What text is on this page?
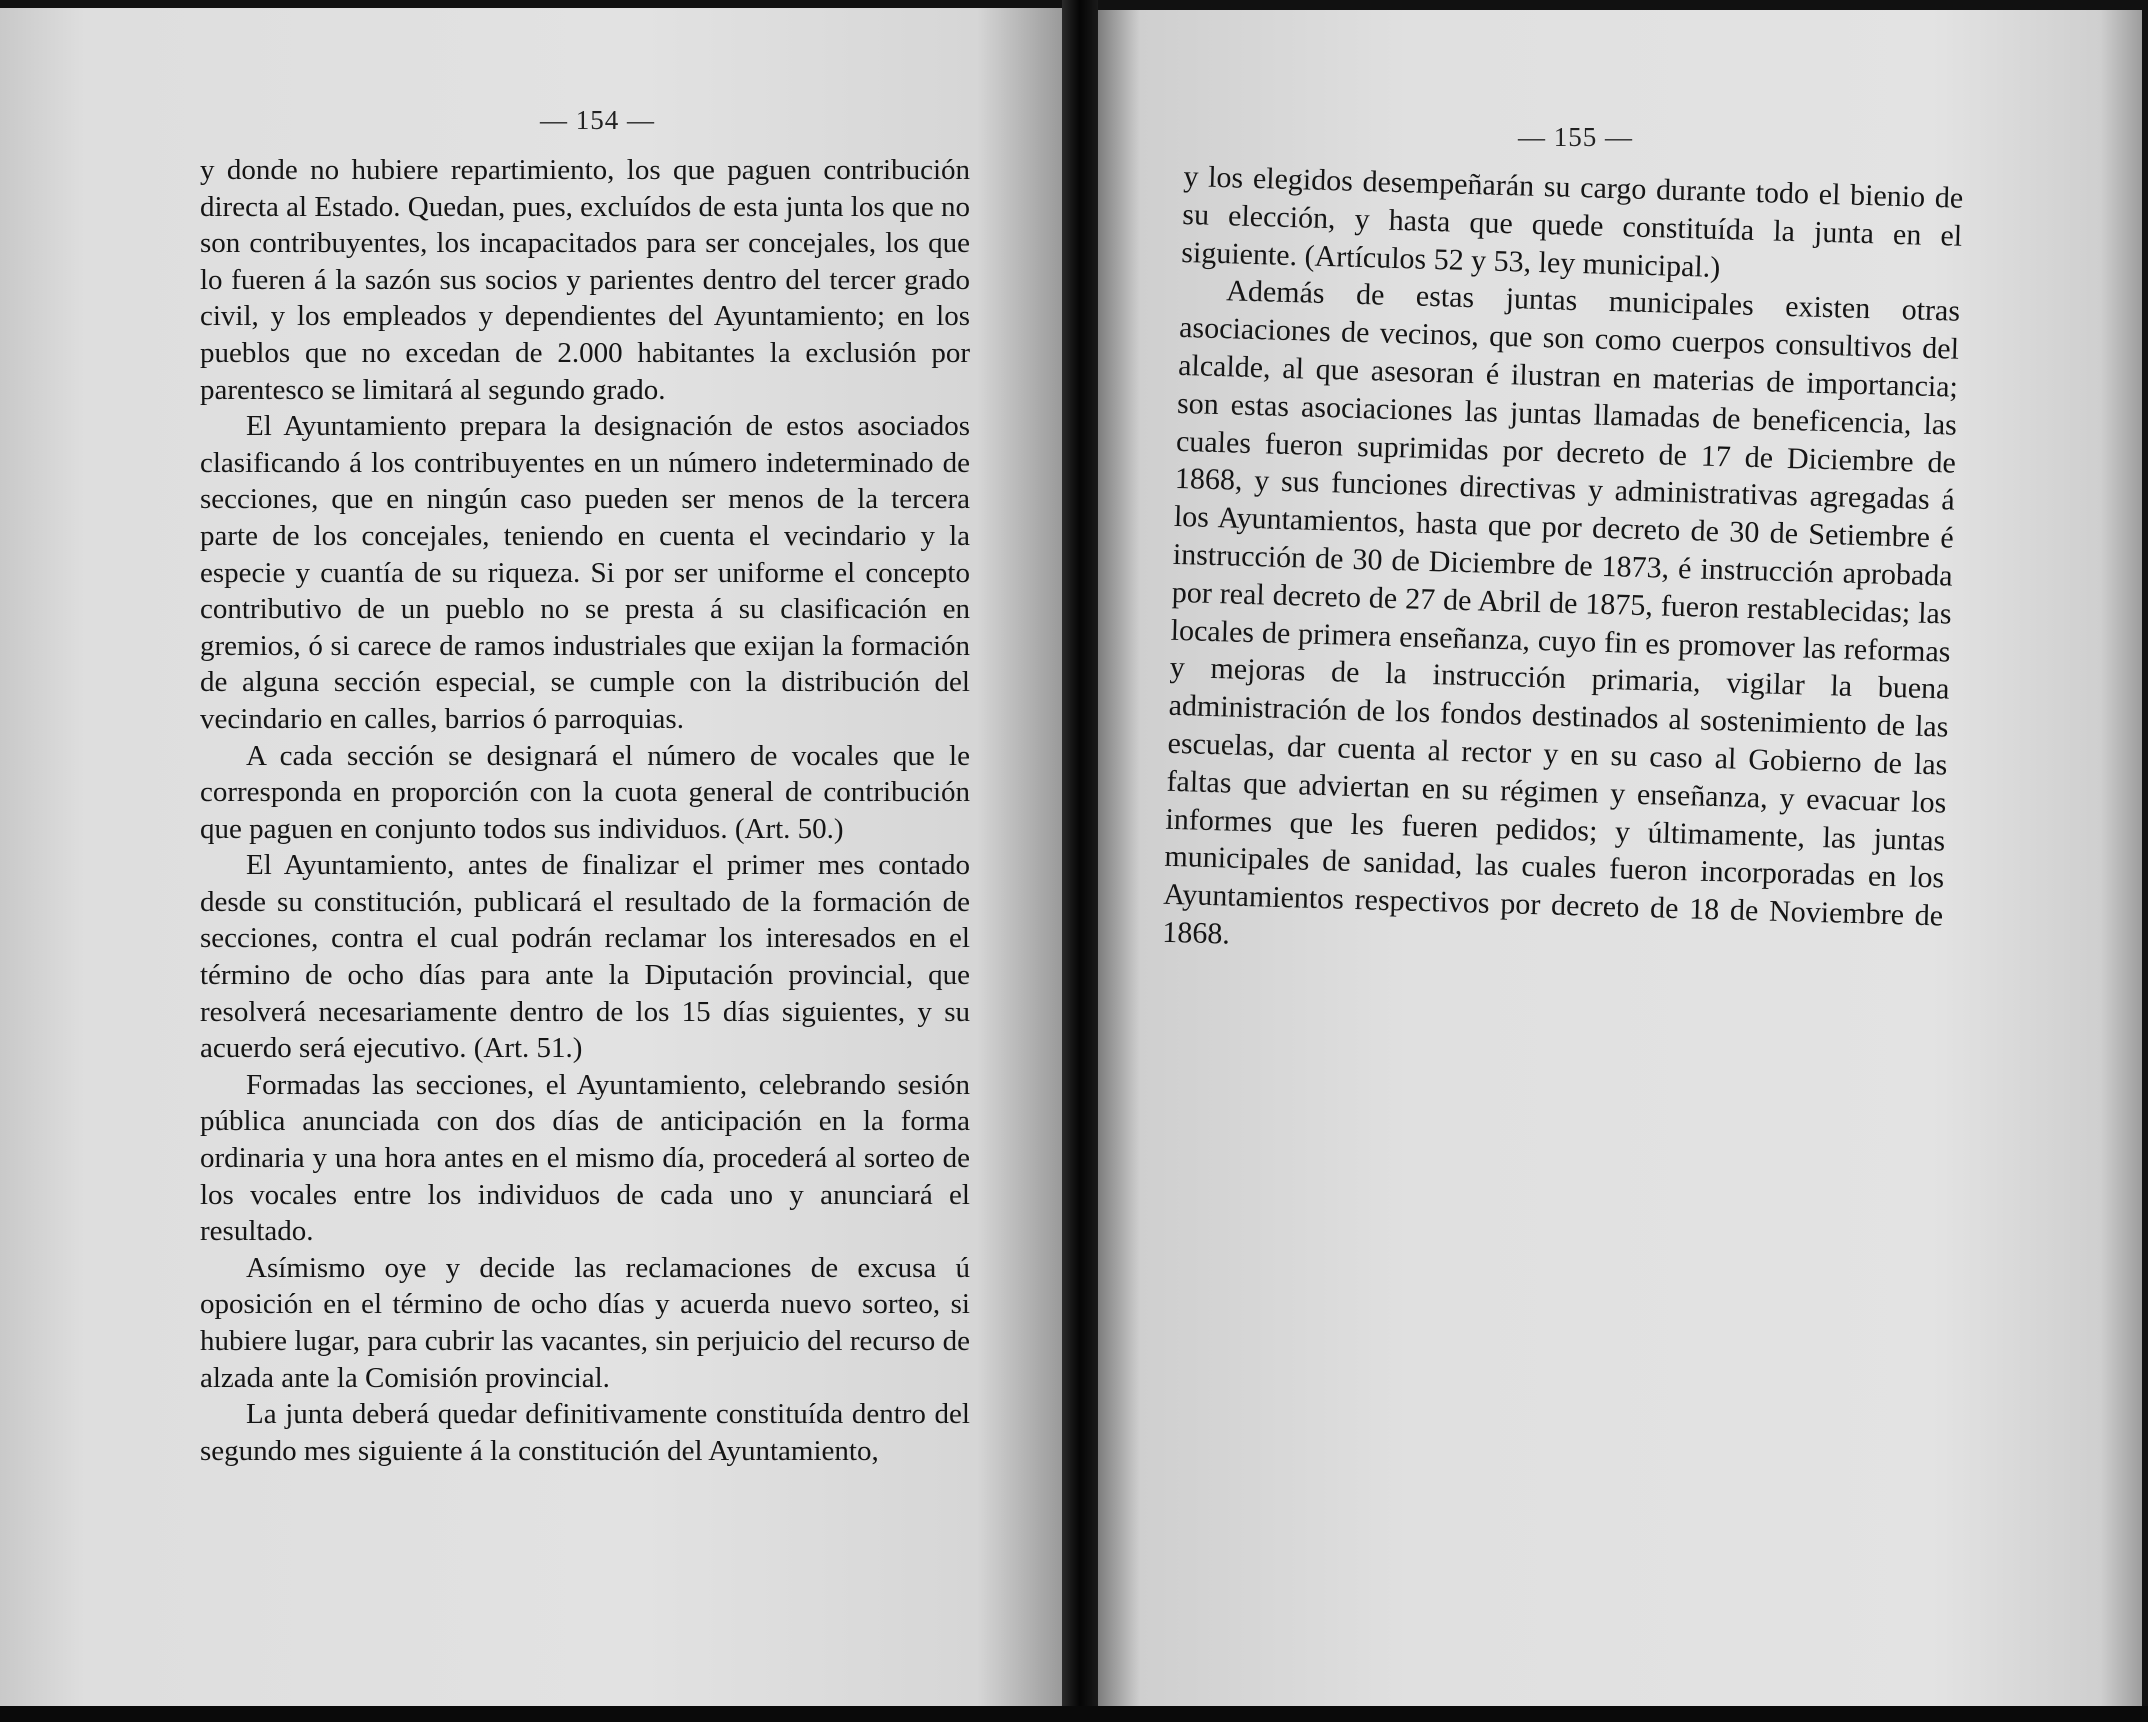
— 154 —

y donde no hubiere repartimiento, los que paguen contribución directa al Estado. Quedan, pues, excluídos de esta junta los que no son contribuyentes, los incapacitados para ser concejales, los que lo fueren á la sazón sus socios y parientes dentro del tercer grado civil, y los empleados y dependientes del Ayuntamiento; en los pueblos que no excedan de 2.000 habitantes la exclusión por parentesco se limitará al segundo grado.

El Ayuntamiento prepara la designación de estos asociados clasificando á los contribuyentes en un número indeterminado de secciones, que en ningún caso pueden ser menos de la tercera parte de los concejales, teniendo en cuenta el vecindario y la especie y cuantía de su riqueza. Si por ser uniforme el concepto contributivo de un pueblo no se presta á su clasificación en gremios, ó si carece de ramos industriales que exijan la formación de alguna sección especial, se cumple con la distribución del vecindario en calles, barrios ó parroquias.

A cada sección se designará el número de vocales que le corresponda en proporción con la cuota general de contribución que paguen en conjunto todos sus individuos. (Art. 50.)

El Ayuntamiento, antes de finalizar el primer mes contado desde su constitución, publicará el resultado de la formación de secciones, contra el cual podrán reclamar los interesados en el término de ocho días para ante la Diputación provincial, que resolverá necesariamente dentro de los 15 días siguientes, y su acuerdo será ejecutivo. (Art. 51.)

Formadas las secciones, el Ayuntamiento, celebrando sesión pública anunciada con dos días de anticipación en la forma ordinaria y una hora antes en el mismo día, procederá al sorteo de los vocales entre los individuos de cada uno y anunciará el resultado.

Asímismo oye y decide las reclamaciones de excusa ú oposición en el término de ocho días y acuerda nuevo sorteo, si hubiere lugar, para cubrir las vacantes, sin perjuicio del recurso de alzada ante la Comisión provincial.

La junta deberá quedar definitivamente constituída dentro del segundo mes siguiente á la constitución del Ayuntamiento,

— 155 —

y los elegidos desempeñarán su cargo durante todo el bienio de su elección, y hasta que quede constituída la junta en el siguiente. (Artículos 52 y 53, ley municipal.)

Además de estas juntas municipales existen otras asociaciones de vecinos, que son como cuerpos consultivos del alcalde, al que asesoran é ilustran en materias de importancia; son estas asociaciones las juntas llamadas de beneficencia, las cuales fueron suprimidas por decreto de 17 de Diciembre de 1868, y sus funciones directivas y administrativas agregadas á los Ayuntamientos, hasta que por decreto de 30 de Setiembre é instrucción de 30 de Diciembre de 1873, é instrucción aprobada por real decreto de 27 de Abril de 1875, fueron restablecidas; las locales de primera enseñanza, cuyo fin es promover las reformas y mejoras de la instrucción primaria, vigilar la buena administración de los fondos destinados al sostenimiento de las escuelas, dar cuenta al rector y en su caso al Gobierno de las faltas que adviertan en su régimen y enseñanza, y evacuar los informes que les fueren pedidos; y últimamente, las juntas municipales de sanidad, las cuales fueron incorporadas en los Ayuntamientos respectivos por decreto de 18 de Noviembre de 1868.
